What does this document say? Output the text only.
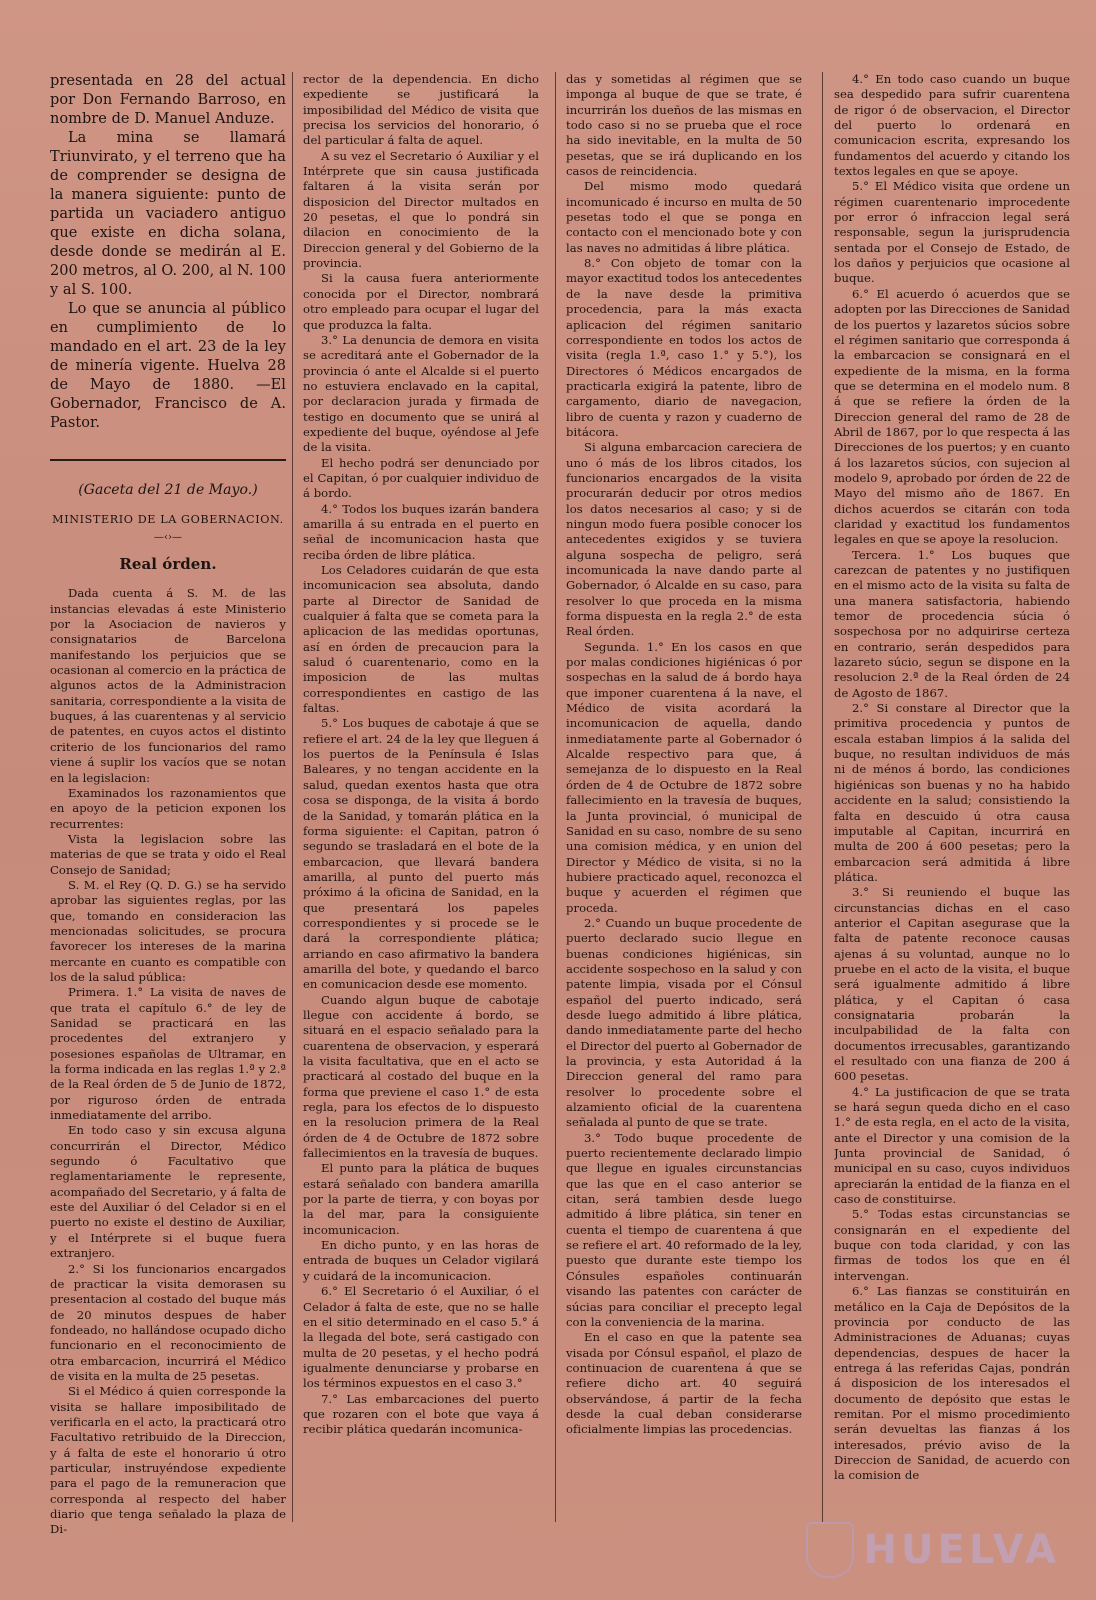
presentada en 28 del actual por Don Fernando Barroso, en nombre de D. Manuel Anduze.

La mina se llamará Triunvirato, y el terreno que ha de comprender se designa de la manera siguiente: punto de partida un vaciadero antiguo que existe en dicha solana, desde donde se medirán al E. 200 metros, al O. 200, al N. 100 y al S. 100.

Lo que se anuncia al público en cumplimiento de lo mandado en el art. 23 de la ley de minería vigente. Huelva 28 de Mayo de 1880. —El Gobernador, Francisco de A. Pastor.

(Gaceta del 21 de Mayo.)

MINISTERIO DE LA GOBERNACION.

—‹›—

Real órden.

Dada cuenta á S. M. de las instancias elevadas á este Ministerio por la Asociacion de navieros y consignatarios de Barcelona manifestando los perjuicios que se ocasionan al comercio en la práctica de algunos actos de la Administracion sanitaria, correspondiente a la visita de buques, á las cuarentenas y al servicio de patentes, en cuyos actos el distinto criterio de los funcionarios del ramo viene á suplir los vacíos que se notan en la legislacion:

Examinados los razonamientos que en apoyo de la peticion exponen los recurrentes:

Vista la legislacion sobre las materias de que se trata y oido el Real Consejo de Sanidad;

S. M. el Rey (Q. D. G.) se ha servido aprobar las siguientes reglas, por las que, tomando en consideracion las mencionadas solicitudes, se procura favorecer los intereses de la marina mercante en cuanto es compatible con los de la salud pública:

Primera. 1.° La visita de naves de que trata el capítulo 6.° de ley de Sanidad se practicará en las procedentes del extranjero y posesiones españolas de Ultramar, en la forma indicada en las reglas 1.ª y 2.ª de la Real órden de 5 de Junio de 1872, por riguroso órden de entrada inmediatamente del arribo.

En todo caso y sin excusa alguna concurrirán el Director, Médico segundo ó Facultativo que reglamentariamente le represente, acompañado del Secretario, y á falta de este del Auxiliar ó del Celador si en el puerto no existe el destino de Auxiliar, y el Intérprete si el buque fuera extranjero.

2.° Si los funcionarios encargados de practicar la visita demorasen su presentacion al costado del buque más de 20 minutos despues de haber fondeado, no hallándose ocupado dicho funcionario en el reconocimiento de otra embarcacion, incurrirá el Médico de visita en la multa de 25 pesetas.

Si el Médico á quien corresponde la visita se hallare imposibilitado de verificarla en el acto, la practicará otro Facultativo retribuido de la Direccion, y á falta de este el honorario ú otro particular, instruyéndose expediente para el pago de la remuneracion que corresponda al respecto del haber diario que tenga señalado la plaza de Di-

rector de la dependencia. En dicho expediente se justificará la imposibilidad del Médico de visita que precisa los servicios del honorario, ó del particular á falta de aquel.

A su vez el Secretario ó Auxiliar y el Intérprete que sin causa justificada faltaren á la visita serán por disposicion del Director multados en 20 pesetas, el que lo pondrá sin dilacion en conocimiento de la Direccion general y del Gobierno de la provincia.

Si la causa fuera anteriormente conocida por el Director, nombrará otro empleado para ocupar el lugar del que produzca la falta.

3.° La denuncia de demora en visita se acreditará ante el Gobernador de la provincia ó ante el Alcalde si el puerto no estuviera enclavado en la capital, por declaracion jurada y firmada de testigo en documento que se unirá al expediente del buque, oyéndose al Jefe de la visita.

El hecho podrá ser denunciado por el Capitan, ó por cualquier individuo de á bordo.

4.° Todos los buques izarán bandera amarilla á su entrada en el puerto en señal de incomunicacion hasta que reciba órden de libre plática.

Los Celadores cuidarán de que esta incomunicacion sea absoluta, dando parte al Director de Sanidad de cualquier á falta que se cometa para la aplicacion de las medidas oportunas, así en órden de precaucion para la salud ó cuarentenario, como en la imposicion de las multas correspondientes en castigo de las faltas.

5.° Los buques de cabotaje á que se refiere el art. 24 de la ley que lleguen á los puertos de la Península é Islas Baleares, y no tengan accidente en la salud, quedan exentos hasta que otra cosa se disponga, de la visita á bordo de la Sanidad, y tomarán plática en la forma siguiente: el Capitan, patron ó segundo se trasladará en el bote de la embarcacion, que llevará bandera amarilla, al punto del puerto más próximo á la oficina de Sanidad, en la que presentará los papeles correspondientes y si procede se le dará la correspondiente plática; arriando en caso afirmativo la bandera amarilla del bote, y quedando el barco en comunicacion desde ese momento.

Cuando algun buque de cabotaje llegue con accidente á bordo, se situará en el espacio señalado para la cuarentena de observacion, y esperará la visita facultativa, que en el acto se practicará al costado del buque en la forma que previene el caso 1.° de esta regla, para los efectos de lo dispuesto en la resolucion primera de la Real órden de 4 de Octubre de 1872 sobre fallecimientos en la travesía de buques.

El punto para la plática de buques estará señalado con bandera amarilla por la parte de tierra, y con boyas por la del mar, para la consiguiente incomunicacion.

En dicho punto, y en las horas de entrada de buques un Celador vigilará y cuidará de la incomunicacion.

6.° El Secretario ó el Auxiliar, ó el Celador á falta de este, que no se halle en el sitio determinado en el caso 5.° á la llegada del bote, será castigado con multa de 20 pesetas, y el hecho podrá igualmente denunciarse y probarse en los términos expuestos en el caso 3.°

7.° Las embarcaciones del puerto que rozaren con el bote que vaya á recibir plática quedarán incomunica-

das y sometidas al régimen que se imponga al buque de que se trate, é incurrirán los dueños de las mismas en todo caso si no se prueba que el roce ha sido inevitable, en la multa de 50 pesetas, que se irá duplicando en los casos de reincidencia.

Del mismo modo quedará incomunicado é incurso en multa de 50 pesetas todo el que se ponga en contacto con el mencionado bote y con las naves no admitidas á libre plática.

8.° Con objeto de tomar con la mayor exactitud todos los antecedentes de la nave desde la primitiva procedencia, para la más exacta aplicacion del régimen sanitario correspondiente en todos los actos de visita (regla 1.ª, caso 1.° y 5.°), los Directores ó Médicos encargados de practicarla exigirá la patente, libro de cargamento, diario de navegacion, libro de cuenta y razon y cuaderno de bitácora.

Si alguna embarcacion careciera de uno ó más de los libros citados, los funcionarios encargados de la visita procurarán deducir por otros medios los datos necesarios al caso; y si de ningun modo fuera posible conocer los antecedentes exigidos y se tuviera alguna sospecha de peligro, será incomunicada la nave dando parte al Gobernador, ó Alcalde en su caso, para resolver lo que proceda en la misma forma dispuesta en la regla 2.° de esta Real órden.

Segunda. 1.° En los casos en que por malas condiciones higiénicas ó por sospechas en la salud de á bordo haya que imponer cuarentena á la nave, el Médico de visita acordará la incomunicacion de aquella, dando inmediatamente parte al Gobernador ó Alcalde respectivo para que, á semejanza de lo dispuesto en la Real órden de 4 de Octubre de 1872 sobre fallecimiento en la travesía de buques, la Junta provincial, ó municipal de Sanidad en su caso, nombre de su seno una comision médica, y en union del Director y Médico de visita, si no la hubiere practicado aquel, reconozca el buque y acuerden el régimen que proceda.

2.° Cuando un buque procedente de puerto declarado sucio llegue en buenas condiciones higiénicas, sin accidente sospechoso en la salud y con patente limpia, visada por el Cónsul español del puerto indicado, será desde luego admitido á libre plática, dando inmediatamente parte del hecho el Director del puerto al Gobernador de la provincia, y esta Autoridad á la Direccion general del ramo para resolver lo procedente sobre el alzamiento oficial de la cuarentena señalada al punto de que se trate.

3.° Todo buque procedente de puerto recientemente declarado limpio que llegue en iguales circunstancias que las que en el caso anterior se citan, será tambien desde luego admitido á libre plática, sin tener en cuenta el tiempo de cuarentena á que se refiere el art. 40 reformado de la ley, puesto que durante este tiempo los Cónsules españoles continuarán visando las patentes con carácter de súcias para conciliar el precepto legal con la conveniencia de la marina.

En el caso en que la patente sea visada por Cónsul español, el plazo de continuacion de cuarentena á que se refiere dicho art. 40 seguirá observándose, á partir de la fecha desde la cual deban considerarse oficialmente limpias las procedencias.

4.° En todo caso cuando un buque sea despedido para sufrir cuarentena de rigor ó de observacion, el Director del puerto lo ordenará en comunicacion escrita, expresando los fundamentos del acuerdo y citando los textos legales en que se apoye.

5.° El Médico visita que ordene un régimen cuarentenario improcedente por error ó infraccion legal será responsable, segun la jurisprudencia sentada por el Consejo de Estado, de los daños y perjuicios que ocasione al buque.

6.° El acuerdo ó acuerdos que se adopten por las Direcciones de Sanidad de los puertos y lazaretos súcios sobre el régimen sanitario que corresponda á la embarcacion se consignará en el expediente de la misma, en la forma que se determina en el modelo num. 8 á que se refiere la órden de la Direccion general del ramo de 28 de Abril de 1867, por lo que respecta á las Direcciones de los puertos; y en cuanto á los lazaretos súcios, con sujecion al modelo 9, aprobado por órden de 22 de Mayo del mismo año de 1867. En dichos acuerdos se citarán con toda claridad y exactitud los fundamentos legales en que se apoye la resolucion.

Tercera. 1.° Los buques que carezcan de patentes y no justifiquen en el mismo acto de la visita su falta de una manera satisfactoria, habiendo temor de procedencia súcia ó sospechosa por no adquirirse certeza en contrario, serán despedidos para lazareto súcio, segun se dispone en la resolucion 2.ª de la Real órden de 24 de Agosto de 1867.

2.° Si constare al Director que la primitiva procedencia y puntos de escala estaban limpios á la salida del buque, no resultan individuos de más ni de ménos á bordo, las condiciones higiénicas son buenas y no ha habido accidente en la salud; consistiendo la falta en descuido ú otra causa imputable al Capitan, incurrirá en multa de 200 á 600 pesetas; pero la embarcacion será admitida á libre plática.

3.° Si reuniendo el buque las circunstancias dichas en el caso anterior el Capitan asegurase que la falta de patente reconoce causas ajenas á su voluntad, aunque no lo pruebe en el acto de la visita, el buque será igualmente admitido á libre plática, y el Capitan ó casa consignataria probarán la inculpabilidad de la falta con documentos irrecusables, garantizando el resultado con una fianza de 200 á 600 pesetas.

4.° La justificacion de que se trata se hará segun queda dicho en el caso 1.° de esta regla, en el acto de la visita, ante el Director y una comision de la Junta provincial de Sanidad, ó municipal en su caso, cuyos individuos apreciarán la entidad de la fianza en el caso de constituirse.

5.° Todas estas circunstancias se consignarán en el expediente del buque con toda claridad, y con las firmas de todos los que en él intervengan.

6.° Las fianzas se constituirán en metálico en la Caja de Depósitos de la provincia por conducto de las Administraciones de Aduanas; cuyas dependencias, despues de hacer la entrega á las referidas Cajas, pondrán á disposicion de los interesados el documento de depósito que estas le remitan. Por el mismo procedimiento serán devueltas las fianzas á los interesados, prévio aviso de la Direccion de Sanidad, de acuerdo con la comision de

HUELVA
